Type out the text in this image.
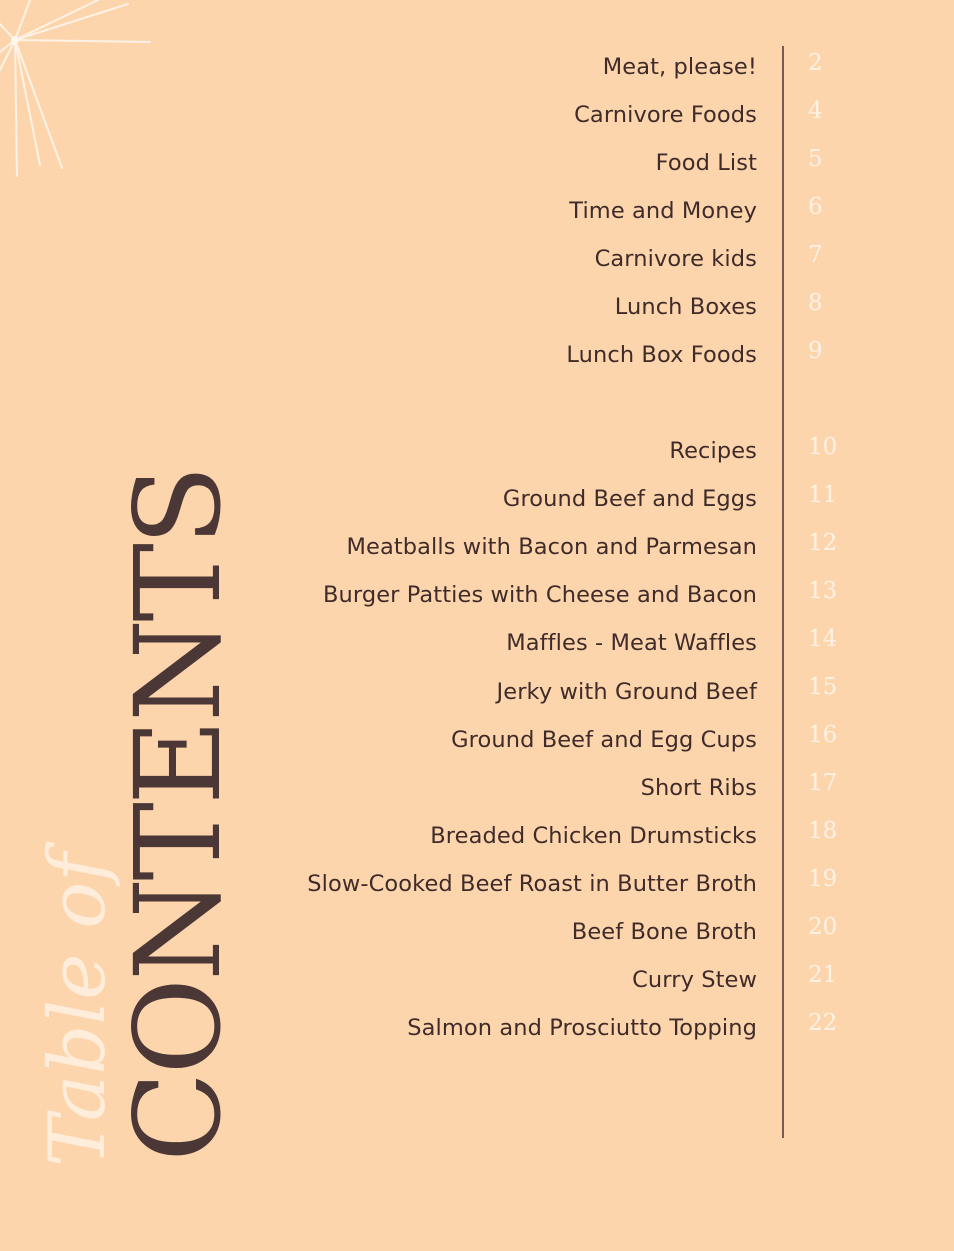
Table of
CONTENTS
Meat, please!
Carnivore Foods
Food List
Time and Money
Carnivore kids
Lunch Boxes
Lunch Box Foods
Recipes
Ground Beef and Eggs
Meatballs with Bacon and Parmesan
Burger Patties with Cheese and Bacon
Maffles - Meat Waffles
Jerky with Ground Beef
Ground Beef and Egg Cups
Short Ribs
Breaded Chicken Drumsticks
Slow-Cooked Beef Roast in Butter Broth
Beef Bone Broth
Curry Stew
Salmon and Prosciutto Topping
2
4
5
6
7
8
9
10
11
12
13
14
15
16
17
18
19
20
21
22
